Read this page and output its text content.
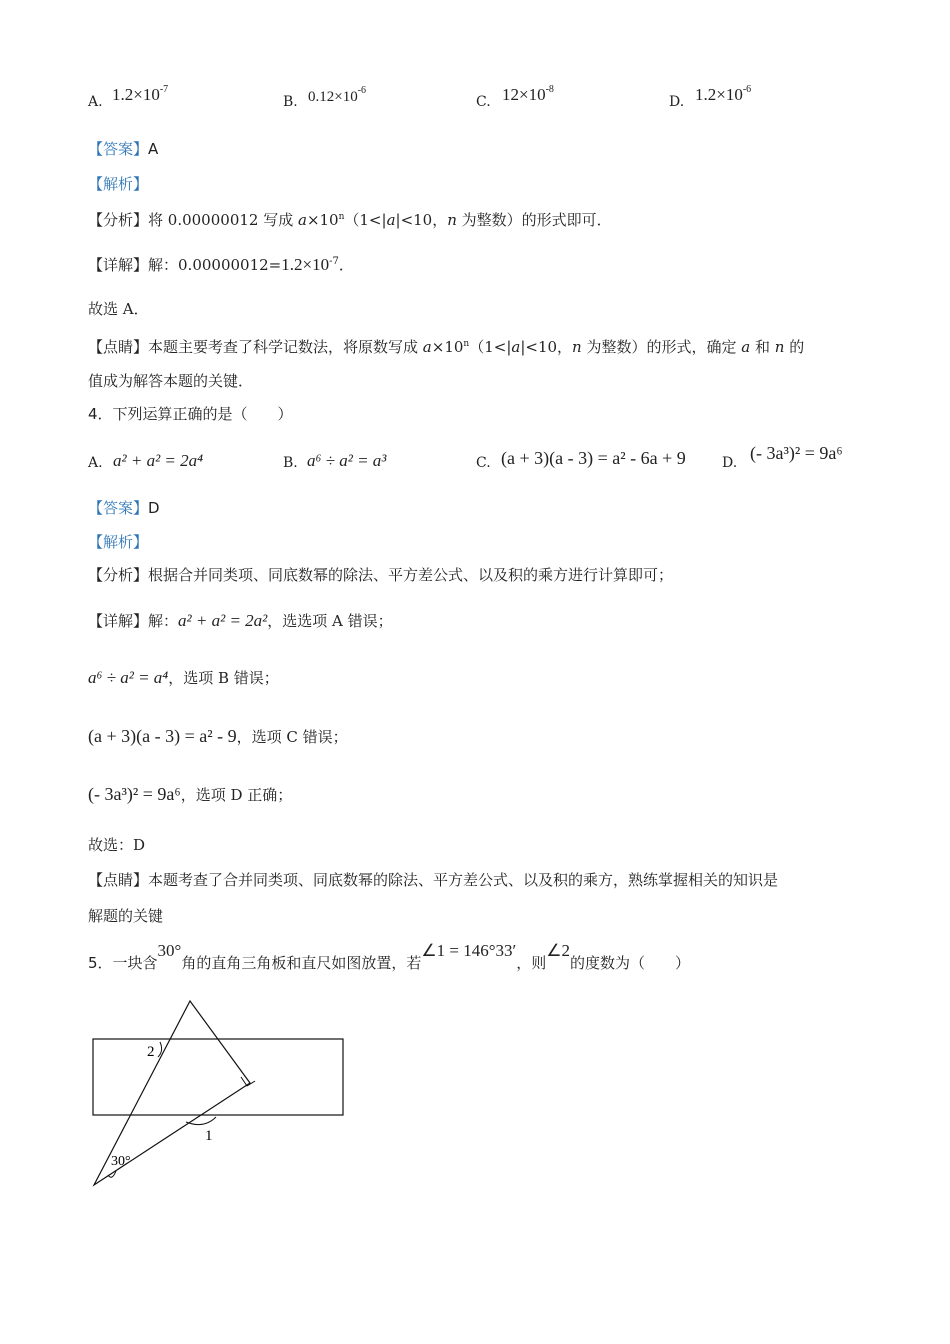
A. $1.2\times 10^{-7}$
B. $0.12\times 10^{-6}$
C. $12\times 10^{-8}$
D. $1.2\times 10^{-6}$
【答案】A
【解析】
【分析】将 0.00000012 写成 $a\times 10^n(1<|a|<10$，n 为整数）的形式即可．
【详解】解：$0.00000012=1.2\times 10^{-7}$．
故选 A．
【点睛】本题主要考查了科学记数法，将原数写成 $a\times 10^n(1<|a|<10$，n 为整数）的形式，确定 a 和 n 的
值成为解答本题的关键．
4．下列运算正确的是（　　）
A. a² + a² = 2a⁴	B. a⁶ ÷ a² = a³	C. (a + 3)(a - 3) = a² - 6a + 9	D. (- 3a³)² = 9a⁶
【答案】D
【解析】
【分析】根据合并同类项、同底数幂的除法、平方差公式、以及积的乘方进行计算即可；
【详解】解：a² + a² = 2a²，选选项 A 错误；
a⁶ ÷ a² = a⁴，选项 B 错误；
(a + 3)(a - 3) = a² - 9，选项 C 错误；
(- 3a³)² = 9a⁶，选项 D 正确；
故选：D
【点睛】本题考查了合并同类项、同底数幂的除法、平方差公式、以及积的乘方，熟练掌握相关的知识是
解题的关键
5．一块含30°角的直角三角板和直尺如图放置，若∠1 = 146°33′，则∠2的度数为（　　）
2
1
30°
